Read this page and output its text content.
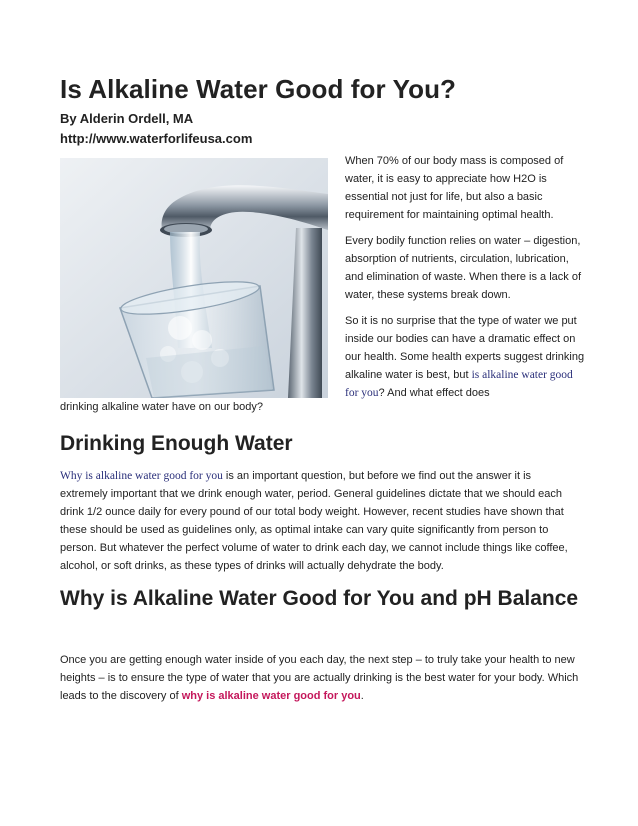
Is Alkaline Water Good for You?
By Alderin Ordell, MA
http://www.waterforlifeusa.com

When 70% of our body mass is composed of water, it is easy to appreciate how H2O is essential not just for life, but also a basic requirement for maintaining optimal health.

Every bodily function relies on water – digestion, absorption of nutrients, circulation, lubrication, and elimination of waste. When there is a lack of water, these systems break down.

So it is no surprise that the type of water we put inside our bodies can have a dramatic effect on our health. Some health experts suggest drinking alkaline water is best, but is alkaline water good for you? And what effect does

drinking alkaline water have on our body?
Drinking Enough Water

Why is alkaline water good for you is an important question, but before we find out the answer it is extremely important that we drink enough water, period. General guidelines dictate that we should each drink 1/2 ounce daily for every pound of our total body weight. However, recent studies have shown that these should be used as guidelines only, as optimal intake can vary quite significantly from person to person. But whatever the perfect volume of water to drink each day, we cannot include things like coffee, alcohol, or soft drinks, as these types of drinks will actually dehydrate the body.

Why is Alkaline Water Good for You and pH Balance

Once you are getting enough water inside of you each day, the next step – to truly take your health to new heights – is to ensure the type of water that you are actually drinking is the best water for your body. Which leads to the discovery of why is alkaline water good for you.
